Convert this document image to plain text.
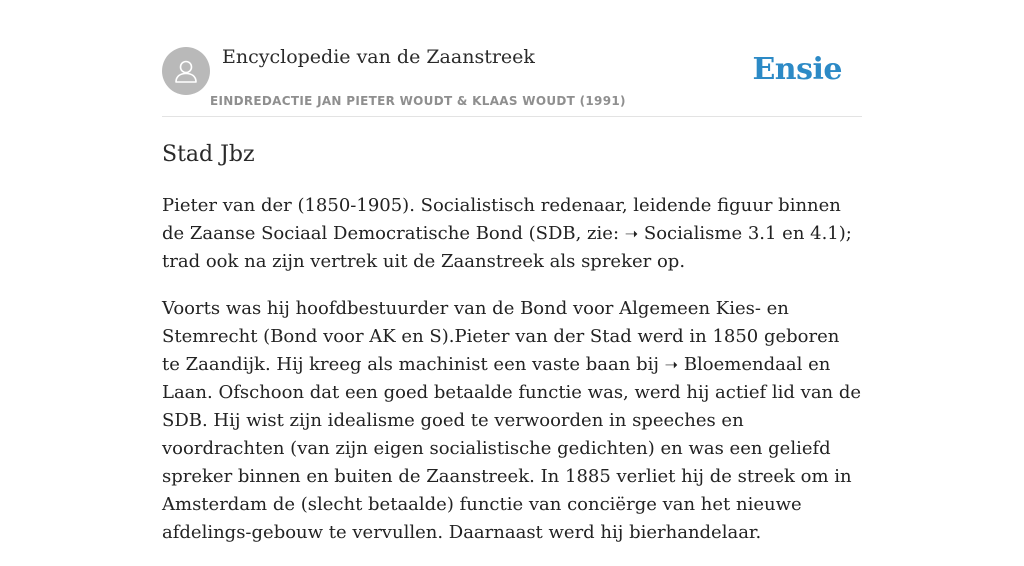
Encyclopedie van de Zaanstreek
EINDREDACTIE JAN PIETER WOUDT & KLAAS WOUDT (1991)
Ensie
Stad Jbz

Pieter van der (1850-1905). Socialistisch redenaar, leidende figuur binnen de Zaanse Sociaal Democratische Bond (SDB, zie: ➝ Socialisme 3.1 en 4.1); trad ook na zijn vertrek uit de Zaanstreek als spreker op.

Voorts was hij hoofdbestuurder van de Bond voor Algemeen Kies- en Stemrecht (Bond voor AK en S).Pieter van der Stad werd in 1850 geboren te Zaandijk. Hij kreeg als machinist een vaste baan bij ➝ Bloemendaal en Laan. Ofschoon dat een goed betaalde functie was, werd hij actief lid van de SDB. Hij wist zijn idealisme goed te verwoorden in speeches en voordrachten (van zijn eigen socialistische gedichten) en was een geliefd spreker binnen en buiten de Zaanstreek. In 1885 verliet hij de streek om in Amsterdam de (slecht betaalde) functie van conciërge van het nieuwe afdelings-gebouw te vervullen. Daarnaast werd hij bierhandelaar.
